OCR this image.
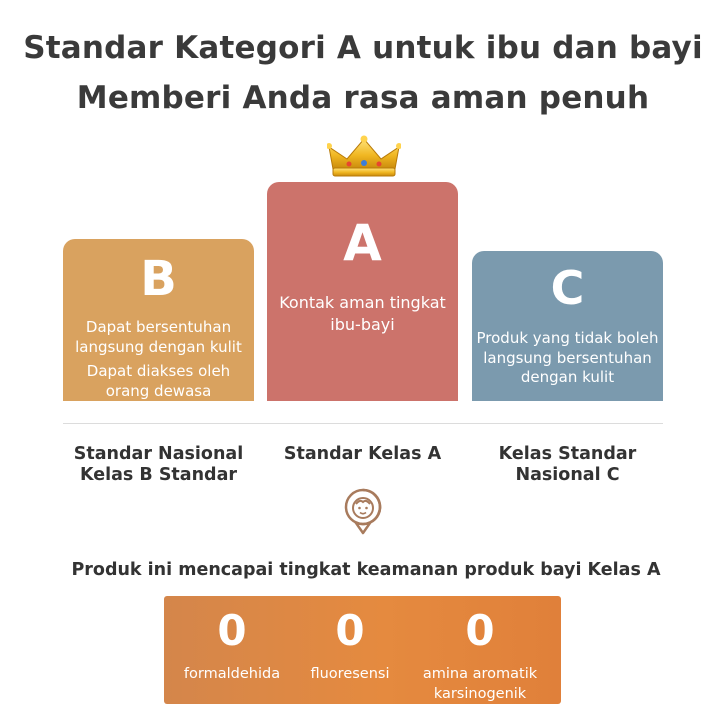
Standar Kategori A untuk ibu dan bayi
Memberi Anda rasa aman penuh
B
Dapat bersentuhan langsung dengan kulit
Dapat diakses oleh orang dewasa
A
Kontak aman tingkat ibu-bayi
C
Produk yang tidak boleh langsung bersentuhan dengan kulit
Standar Nasional Kelas B Standar
Standar Kelas A	Kelas Standar Nasional C
Produk ini mencapai tingkat keamanan produk bayi Kelas A
0
formaldehida
0
fluoresensi
0
amina aromatik karsinogenik
